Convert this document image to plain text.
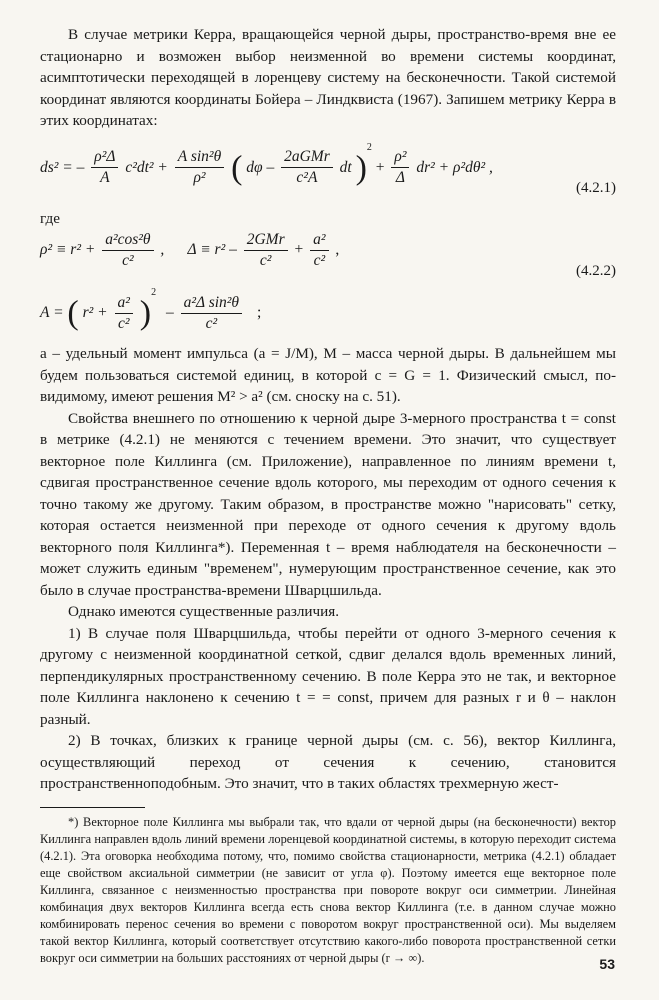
В случае метрики Керра, вращающейся черной дыры, пространство-время вне ее стационарно и возможен выбор неизменной во времени системы координат, асимптотически переходящей в лоренцеву систему на бесконечности. Такой системой координат являются координаты Бойера – Линдквиста (1967). Запишем метрику Керра в этих координатах:

ds² = – $\frac{\text{ρ²Δ}}{A} c^2dt^2 + \frac{\text{A sin²θ}}{\text{ρ²}}$ ( dφ – $\frac{\text{2aGMr}}{\text{c²A}}$ dt )$^2 + \frac{\text{ρ²}}{\Delta} dr^2 + \rho^2d\theta^2$ ,
(4.2.1)

где

$\rho^2 \equiv r^2 + \frac{\text{a²cos²θ}}{\text{c²}}$ ,      $\Delta \equiv r^2 - \frac{\text{2GMr}}{\text{c²}} + \frac{\text{a²}}{\text{c²}}$ ,
(4.2.2)
A = ( $r^2 + \frac{\text{a²}}{\text{c²}} )^2 - \frac{\text{a²Δ sin²θ}}{\text{c²}}$ ;

a – удельный момент импульса (a = J/M), M – масса черной дыры. В дальнейшем мы будем пользоваться системой единиц, в которой c = G = 1. Физический смысл, по-видимому, имеют решения M² > a² (см. сноску на с. 51).

Свойства внешнего по отношению к черной дыре 3-мерного пространства t = const в метрике (4.2.1) не меняются с течением времени. Это значит, что существует векторное поле Киллинга (см. Приложение), направленное по линиям времени t, сдвигая пространственное сечение вдоль которого, мы переходим от одного сечения к точно такому же другому. Таким образом, в пространстве можно "нарисовать" сетку, которая остается неизменной при переходе от одного сечения к другому вдоль векторного поля Киллинга*). Переменная t – время наблюдателя на бесконечности – может служить единым "временем", нумерующим пространственное сечение, как это было в случае пространства-времени Шварцшильда.

Однако имеются существенные различия.

1) В случае поля Шварцшильда, чтобы перейти от одного 3-мерного сечения к другому с неизменной координатной сеткой, сдвиг делался вдоль временных линий, перпендикулярных пространственному сечению. В поле Керра это не так, и векторное поле Киллинга наклонено к сечению t = = const, причем для разных r и θ – наклон разный.

2) В точках, близких к границе черной дыры (см. с. 56), вектор Киллинга, осуществляющий переход от сечения к сечению, становится пространственноподобным. Это значит, что в таких областях трехмерную жест-

*) Векторное поле Киллинга мы выбрали так, что вдали от черной дыры (на бесконечности) вектор Киллинга направлен вдоль линий времени лоренцевой координатной системы, в которую переходит система (4.2.1). Эта оговорка необходима потому, что, помимо свойства стационарности, метрика (4.2.1) обладает еще свойством аксиальной симметрии (не зависит от угла φ). Поэтому имеется еще векторное поле Киллинга, связанное с неизменностью пространства при повороте вокруг оси симметрии. Линейная комбинация двух векторов Киллинга всегда есть снова вектор Киллинга (т.е. в данном случае можно комбинировать перенос сечения во времени с поворотом вокруг пространственной оси). Мы выделяем такой вектор Киллинга, который соответствует отсутствию какого-либо поворота пространственной сетки вокруг оси симметрии на больших расстояниях от черной дыры (r → ∞).	53
